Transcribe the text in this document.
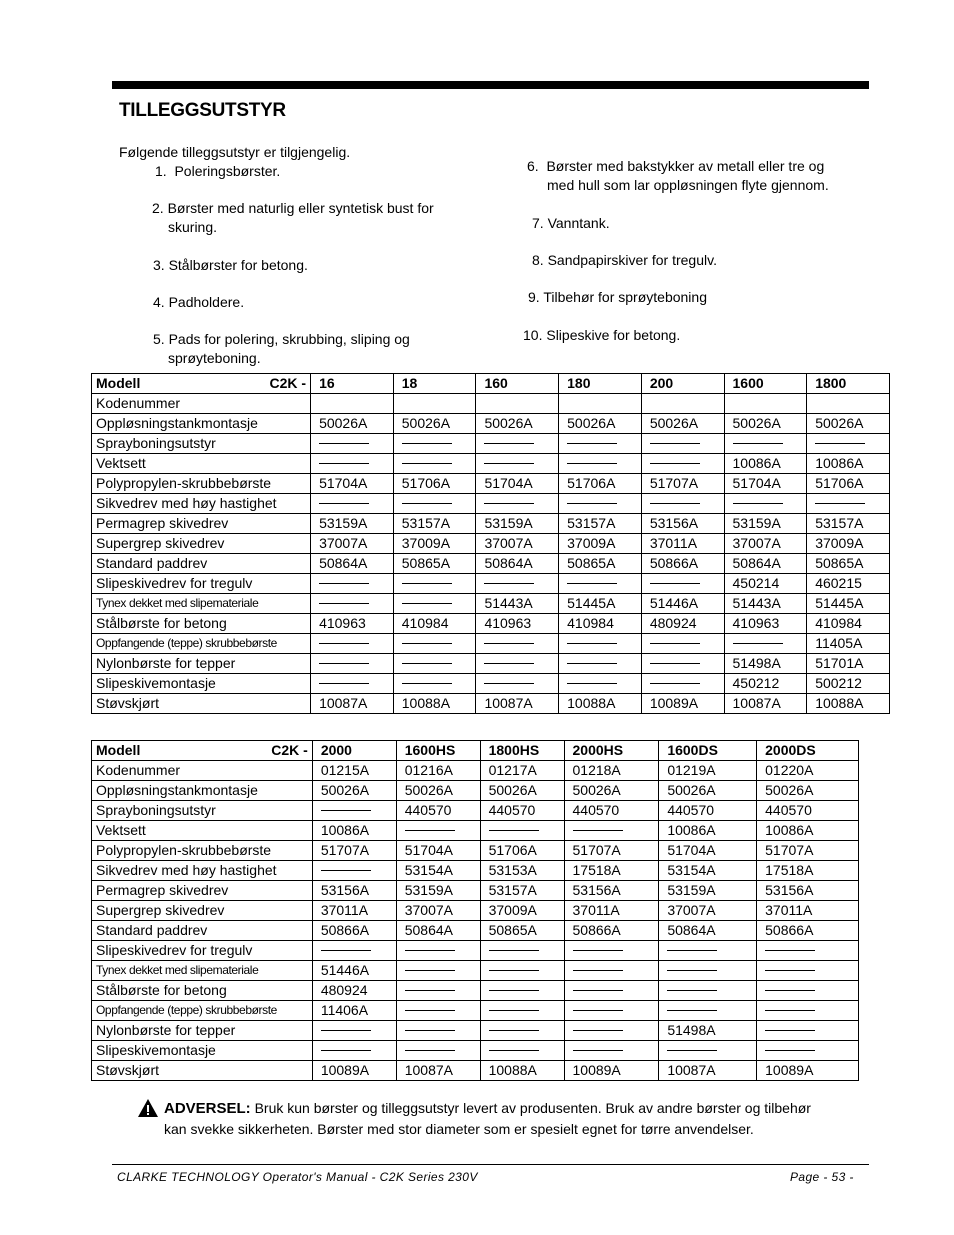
TILLEGGSUTSTYR
Følgende tilleggsutstyr er tilgjengelig.
1. Poleringsbørster.
2. Børster med naturlig eller syntetisk bust for
skuring.
3. Stålbørster for betong.
4. Padholdere.
5. Pads for polering, skrubbing, sliping og
sprøyteboning.
6. Børster med bakstykker av metall eller tre og
med hull som lar oppløsningen flyte gjennom.
7. Vanntank.
8. Sandpapirskiver for tregulv.
9. Tilbehør for sprøyteboning
10. Slipeskive for betong.
Modell C2K -	16	18	160	180	200	1600	1800
Kodenummer							
Oppløsningstankmontasje	50026A	50026A	50026A	50026A	50026A	50026A	50026A
Sprayboningsutstyr							
Vektsett						10086A	10086A
Polypropylen-skrubbebørste	51704A	51706A	51704A	51706A	51707A	51704A	51706A
Sikvedrev med høy hastighet							
Permagrep skivedrev	53159A	53157A	53159A	53157A	53156A	53159A	53157A
Supergrep skivedrev	37007A	37009A	37007A	37009A	37011A	37007A	37009A
Standard paddrev	50864A	50865A	50864A	50865A	50866A	50864A	50865A
Slipeskivedrev for tregulv						450214	460215
Tynex dekket med slipemateriale			51443A	51445A	51446A	51443A	51445A
Stålbørste for betong	410963	410984	410963	410984	480924	410963	410984
Oppfangende (teppe) skrubbebørste							11405A
Nylonbørste for tepper						51498A	51701A
Slipeskivemontasje						450212	500212
Støvskjørt	10087A	10088A	10087A	10088A	10089A	10087A	10088A
Modell C2K -	2000	1600HS	1800HS	2000HS	1600DS	2000DS
Kodenummer	01215A	01216A	01217A	01218A	01219A	01220A
Oppløsningstankmontasje	50026A	50026A	50026A	50026A	50026A	50026A
Sprayboningsutstyr		440570	440570	440570	440570	440570
Vektsett	10086A				10086A	10086A
Polypropylen-skrubbebørste	51707A	51704A	51706A	51707A	51704A	51707A
Sikvedrev med høy hastighet		53154A	53153A	17518A	53154A	17518A
Permagrep skivedrev	53156A	53159A	53157A	53156A	53159A	53156A
Supergrep skivedrev	37011A	37007A	37009A	37011A	37007A	37011A
Standard paddrev	50866A	50864A	50865A	50866A	50864A	50866A
Slipeskivedrev for tregulv						
Tynex dekket med slipemateriale	51446A					
Stålbørste for betong	480924					
Oppfangende (teppe) skrubbebørste	11406A					
Nylonbørste for tepper					51498A	
Slipeskivemontasje						
Støvskjørt	10089A	10087A	10088A	10089A	10087A	10089A
ADVERSEL: Bruk kun børster og tilleggsutstyr levert av produsenten. Bruk av andre børster og tilbehør kan svekke sikkerheten. Børster med stor diameter som er spesielt egnet for tørre anvendelser.
CLARKE TECHNOLOGY Operator's Manual - C2K Series 230V	Page - 53 -
